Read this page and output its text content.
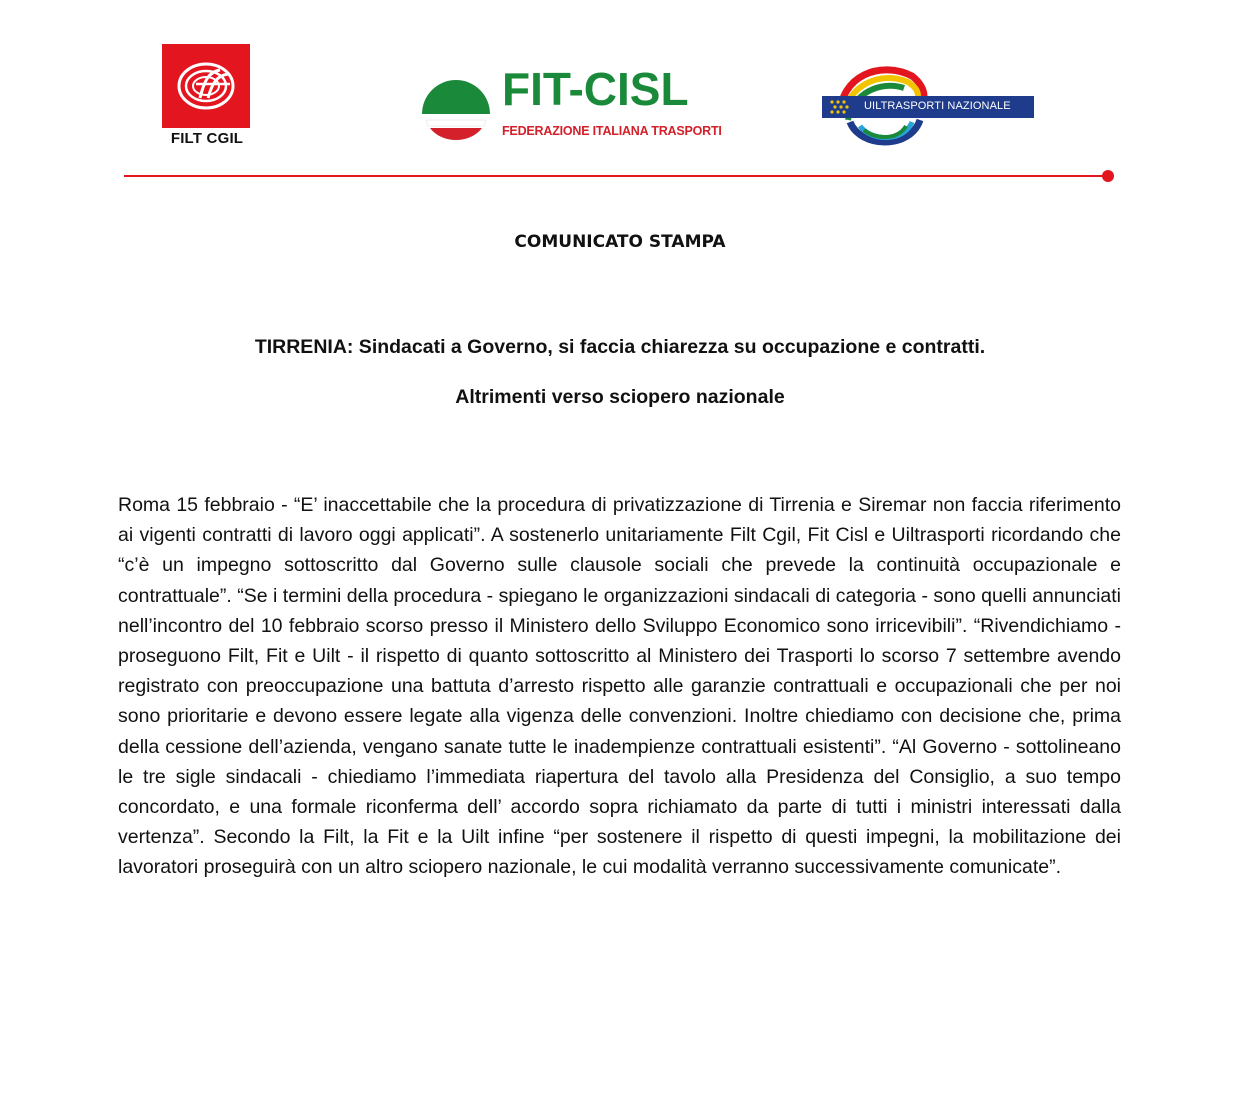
FILT CGIL
FIT-CISL
FEDERAZIONE ITALIANA TRASPORTI
UILTRASPORTI NAZIONALE
COMUNICATO STAMPA
TIRRENIA: Sindacati a Governo, si faccia chiarezza su occupazione e contratti.
Altrimenti verso sciopero nazionale

Roma 15 febbraio - “E’ inaccettabile che la procedura di privatizzazione di Tirrenia e Siremar non faccia riferimento ai vigenti contratti di lavoro oggi applicati”. A sostenerlo unitariamente Filt Cgil, Fit Cisl e Uiltrasporti ricordando che “c’è un impegno sottoscritto dal Governo sulle clausole sociali che prevede la continuità occupazionale e contrattuale”. “Se i termini della procedura - spiegano le organizzazioni sindacali di categoria - sono quelli annunciati nell’incontro del 10 febbraio scorso presso il Ministero dello Sviluppo Economico sono irricevibili”. “Rivendichiamo - proseguono Filt, Fit e Uilt - il rispetto di quanto sottoscritto al Ministero dei Trasporti lo scorso 7 settembre avendo registrato con preoccupazione una battuta d’arresto rispetto alle garanzie contrattuali e occupazionali che per noi sono prioritarie e devono essere legate alla vigenza delle convenzioni. Inoltre chiediamo con decisione che, prima della cessione dell’azienda, vengano sanate tutte le inadempienze contrattuali esistenti”. “Al Governo - sottolineano le tre sigle sindacali - chiediamo l’immediata riapertura del tavolo alla Presidenza del Consiglio, a suo tempo concordato, e una formale riconferma dell’ accordo sopra richiamato da parte di tutti i ministri interessati dalla vertenza”. Secondo la Filt, la Fit e la Uilt infine “per sostenere il rispetto di questi impegni, la mobilitazione dei lavoratori proseguirà con un altro sciopero nazionale, le cui modalità verranno successivamente comunicate”.
